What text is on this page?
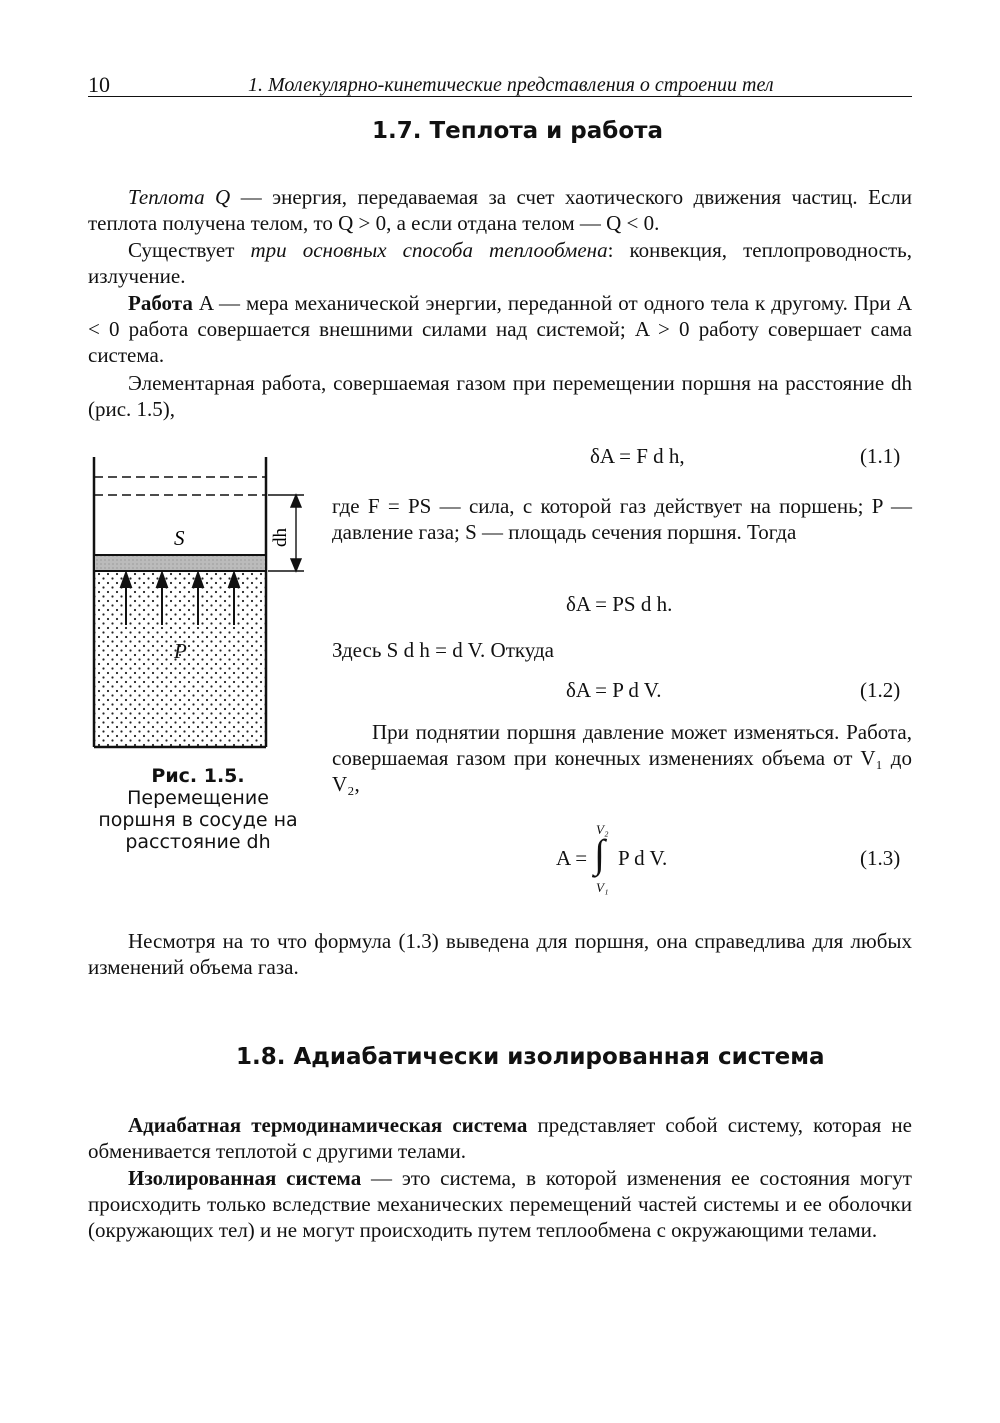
10	1. Молекулярно-кинетические представления о строении тел
1.7. Теплота и работа

Теплота Q — энергия, передаваемая за счет хаотического движения частиц. Если теплота получена телом, то Q > 0, а если отдана телом — Q < 0.

Существует три основных способа теплообмена: конвекция, теплопроводность, излучение.

Работа A — мера механической энергии, переданной от одного тела к другому. При A < 0 работа совершается внешними силами над системой; A > 0 работу совершает сама система.

Элементарная работа, совершаемая газом при перемещении поршня на расстояние dh (рис. 1.5),

δA = F d h,	(1.1)
S
P
dh
Рис. 1.5. Перемещение поршня в сосуде на расстояние dh

где F = PS — сила, с которой газ действует на поршень; P — давление газа; S — площадь сечения поршня. Тогда

δA = PS d h.

Здесь S d h = d V. Откуда

δA = P d V.	(1.2)

При поднятии поршня давление может изменяться. Работа, совершаемая газом при конечных изменениях объема от V₁ до V₂,

A =
V₂
∫
V₁
P d V.	(1.3)

Несмотря на то что формула (1.3) выведена для поршня, она справедлива для любых изменений объема газа.

1.8. Адиабатически изолированная система

Адиабатная термодинамическая система представляет собой систему, которая не обменивается теплотой с другими телами.

Изолированная система — это система, в которой изменения ее состояния могут происходить только вследствие механических перемещений частей системы и ее оболочки (окружающих тел) и не могут происходить путем теплообмена с окружающими телами.
